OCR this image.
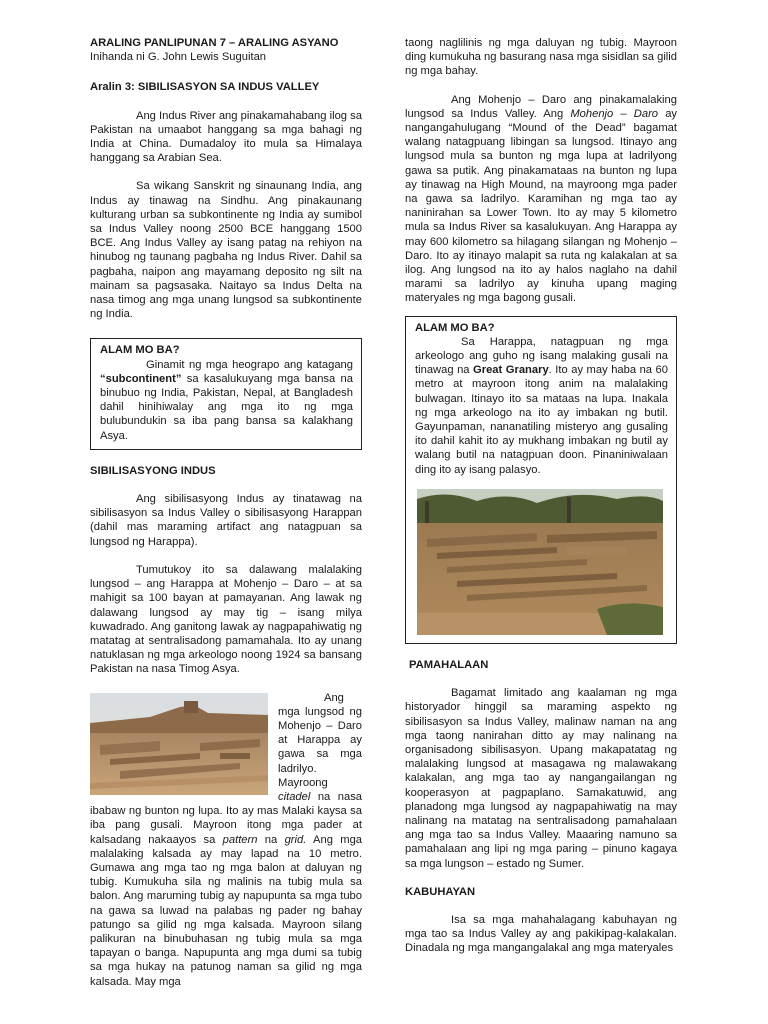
ARALING PANLIPUNAN 7 – ARALING ASYANO
Inihanda ni G. John Lewis Suguitan
Aralin 3: SIBILISASYON SA INDUS VALLEY

Ang Indus River ang pinakamahabang ilog sa Pakistan na umaabot hanggang sa mga bahagi ng India at China. Dumadaloy ito mula sa Himalaya hanggang sa Arabian Sea.

Sa wikang Sanskrit ng sinaunang India, ang Indus ay tinawag na Sindhu. Ang pinakaunang kulturang urban sa subkontinente ng India ay sumibol sa Indus Valley noong 2500 BCE hanggang 1500 BCE. Ang Indus Valley ay isang patag na rehiyon na hinubog ng taunang pagbaha ng Indus River. Dahil sa pagbaha, naipon ang mayamang deposito ng silt na mainam sa pagsasaka. Naitayo sa Indus Delta na nasa timog ang mga unang lungsod sa subkontinente ng India.

ALAM MO BA?

Ginamit ng mga heograpo ang katagang “subcontinent” sa kasalukuyang mga bansa na binubuo ng India, Pakistan, Nepal, at Bangladesh dahil hinihiwalay ang mga ito ng mga bulubundukin sa iba pang bansa sa kalakhang Asya.

SIBILISASYONG INDUS

Ang sibilisasyong Indus ay tinatawag na sibilisasyon sa Indus Valley o sibilisasyong Harappan (dahil mas maraming artifact ang natagpuan sa lungsod ng Harappa).

Tumutukoy ito sa dalawang malalaking lungsod – ang Harappa at Mohenjo – Daro – at sa mahigit sa 100 bayan at pamayanan. Ang lawak ng dalawang lungsod ay may tig – isang milya kuwadrado. Ang ganitong lawak ay nagpapahiwatig ng matatag at sentralisadong pamamahala. Ito ay unang natuklasan ng mga arkeologo noong 1924 sa bansang Pakistan na nasa Timog Asya.

Ang mga lungsod ng Mohenjo – Daro at Harappa ay gawa sa mga ladrilyo. Mayroong citadel na nasa ibabaw ng bunton ng lupa. Ito ay mas Malaki kaysa sa iba pang gusali. Mayroon itong mga pader at kalsadang nakaayos sa pattern na grid. Ang mga malalaking kalsada ay may lapad na 10 metro. Gumawa ang mga tao ng mga balon at daluyan ng tubig. Kumukuha sila ng malinis na tubig mula sa balon. Ang maruming tubig ay napupunta sa mga tubo na gawa sa luwad na palabas ng pader ng bahay patungo sa gilid ng mga kalsada. Mayroon silang palikuran na binubuhasan ng tubig mula sa mga tapayan o banga. Napupunta ang mga dumi sa tubig sa mga hukay na patunog naman sa gilid ng mga kalsada. May mga

taong naglilinis ng mga daluyan ng tubig. Mayroon ding kumukuha ng basurang nasa mga sisidlan sa gilid ng mga bahay.

Ang Mohenjo – Daro ang pinakamalaking lungsod sa Indus Valley. Ang Mohenjo – Daro ay nangangahulugang “Mound of the Dead” bagamat walang natagpuang libingan sa lungsod. Itinayo ang lungsod mula sa bunton ng mga lupa at ladrilyong gawa sa putik. Ang pinakamataas na bunton ng lupa ay tinawag na High Mound, na mayroong mga pader na gawa sa ladrilyo. Karamihan ng mga tao ay naninirahan sa Lower Town. Ito ay may 5 kilometro mula sa Indus River sa kasalukuyan. Ang Harappa ay may 600 kilometro sa hilagang silangan ng Mohenjo – Daro. Ito ay itinayo malapit sa ruta ng kalakalan at sa ilog. Ang lungsod na ito ay halos naglaho na dahil marami sa ladrilyo ay kinuha upang maging materyales ng mga bagong gusali.

ALAM MO BA?

Sa Harappa, natagpuan ng mga arkeologo ang guho ng isang malaking gusali na tinawag na Great Granary. Ito ay may haba na 60 metro at mayroon itong anim na malalaking bulwagan. Itinayo ito sa mataas na lupa. Inakala ng mga arkeologo na ito ay imbakan ng butil. Gayunpaman, nananatiling misteryo ang gusaling ito dahil kahit ito ay mukhang imbakan ng butil ay walang butil na natagpuan doon. Pinaniniwalaan ding ito ay isang palasyo.

PAMAHALAAN

Bagamat limitado ang kaalaman ng mga historyador hinggil sa maraming aspekto ng sibilisasyon sa Indus Valley, malinaw naman na ang mga taong nanirahan ditto ay may nalinang na organisadong sibilisasyon. Upang makapatatag ng malalaking lungsod at masagawa ng malawakang kalakalan, ang mga tao ay nangangailangan ng kooperasyon at pagpaplano. Samakatuwid, ang planadong mga lungsod ay nagpapahiwatig na may nalinang na matatag na sentralisadong pamahalaan ang mga tao sa Indus Valley. Maaaring namuno sa pamahalaan ang lipi ng mga paring – pinuno kagaya sa mga lungson – estado ng Sumer.

KABUHAYAN

Isa sa mga mahahalagang kabuhayan ng mga tao sa Indus Valley ay ang pakikipag-kalakalan. Dinadala ng mga mangangalakal ang mga materyales
